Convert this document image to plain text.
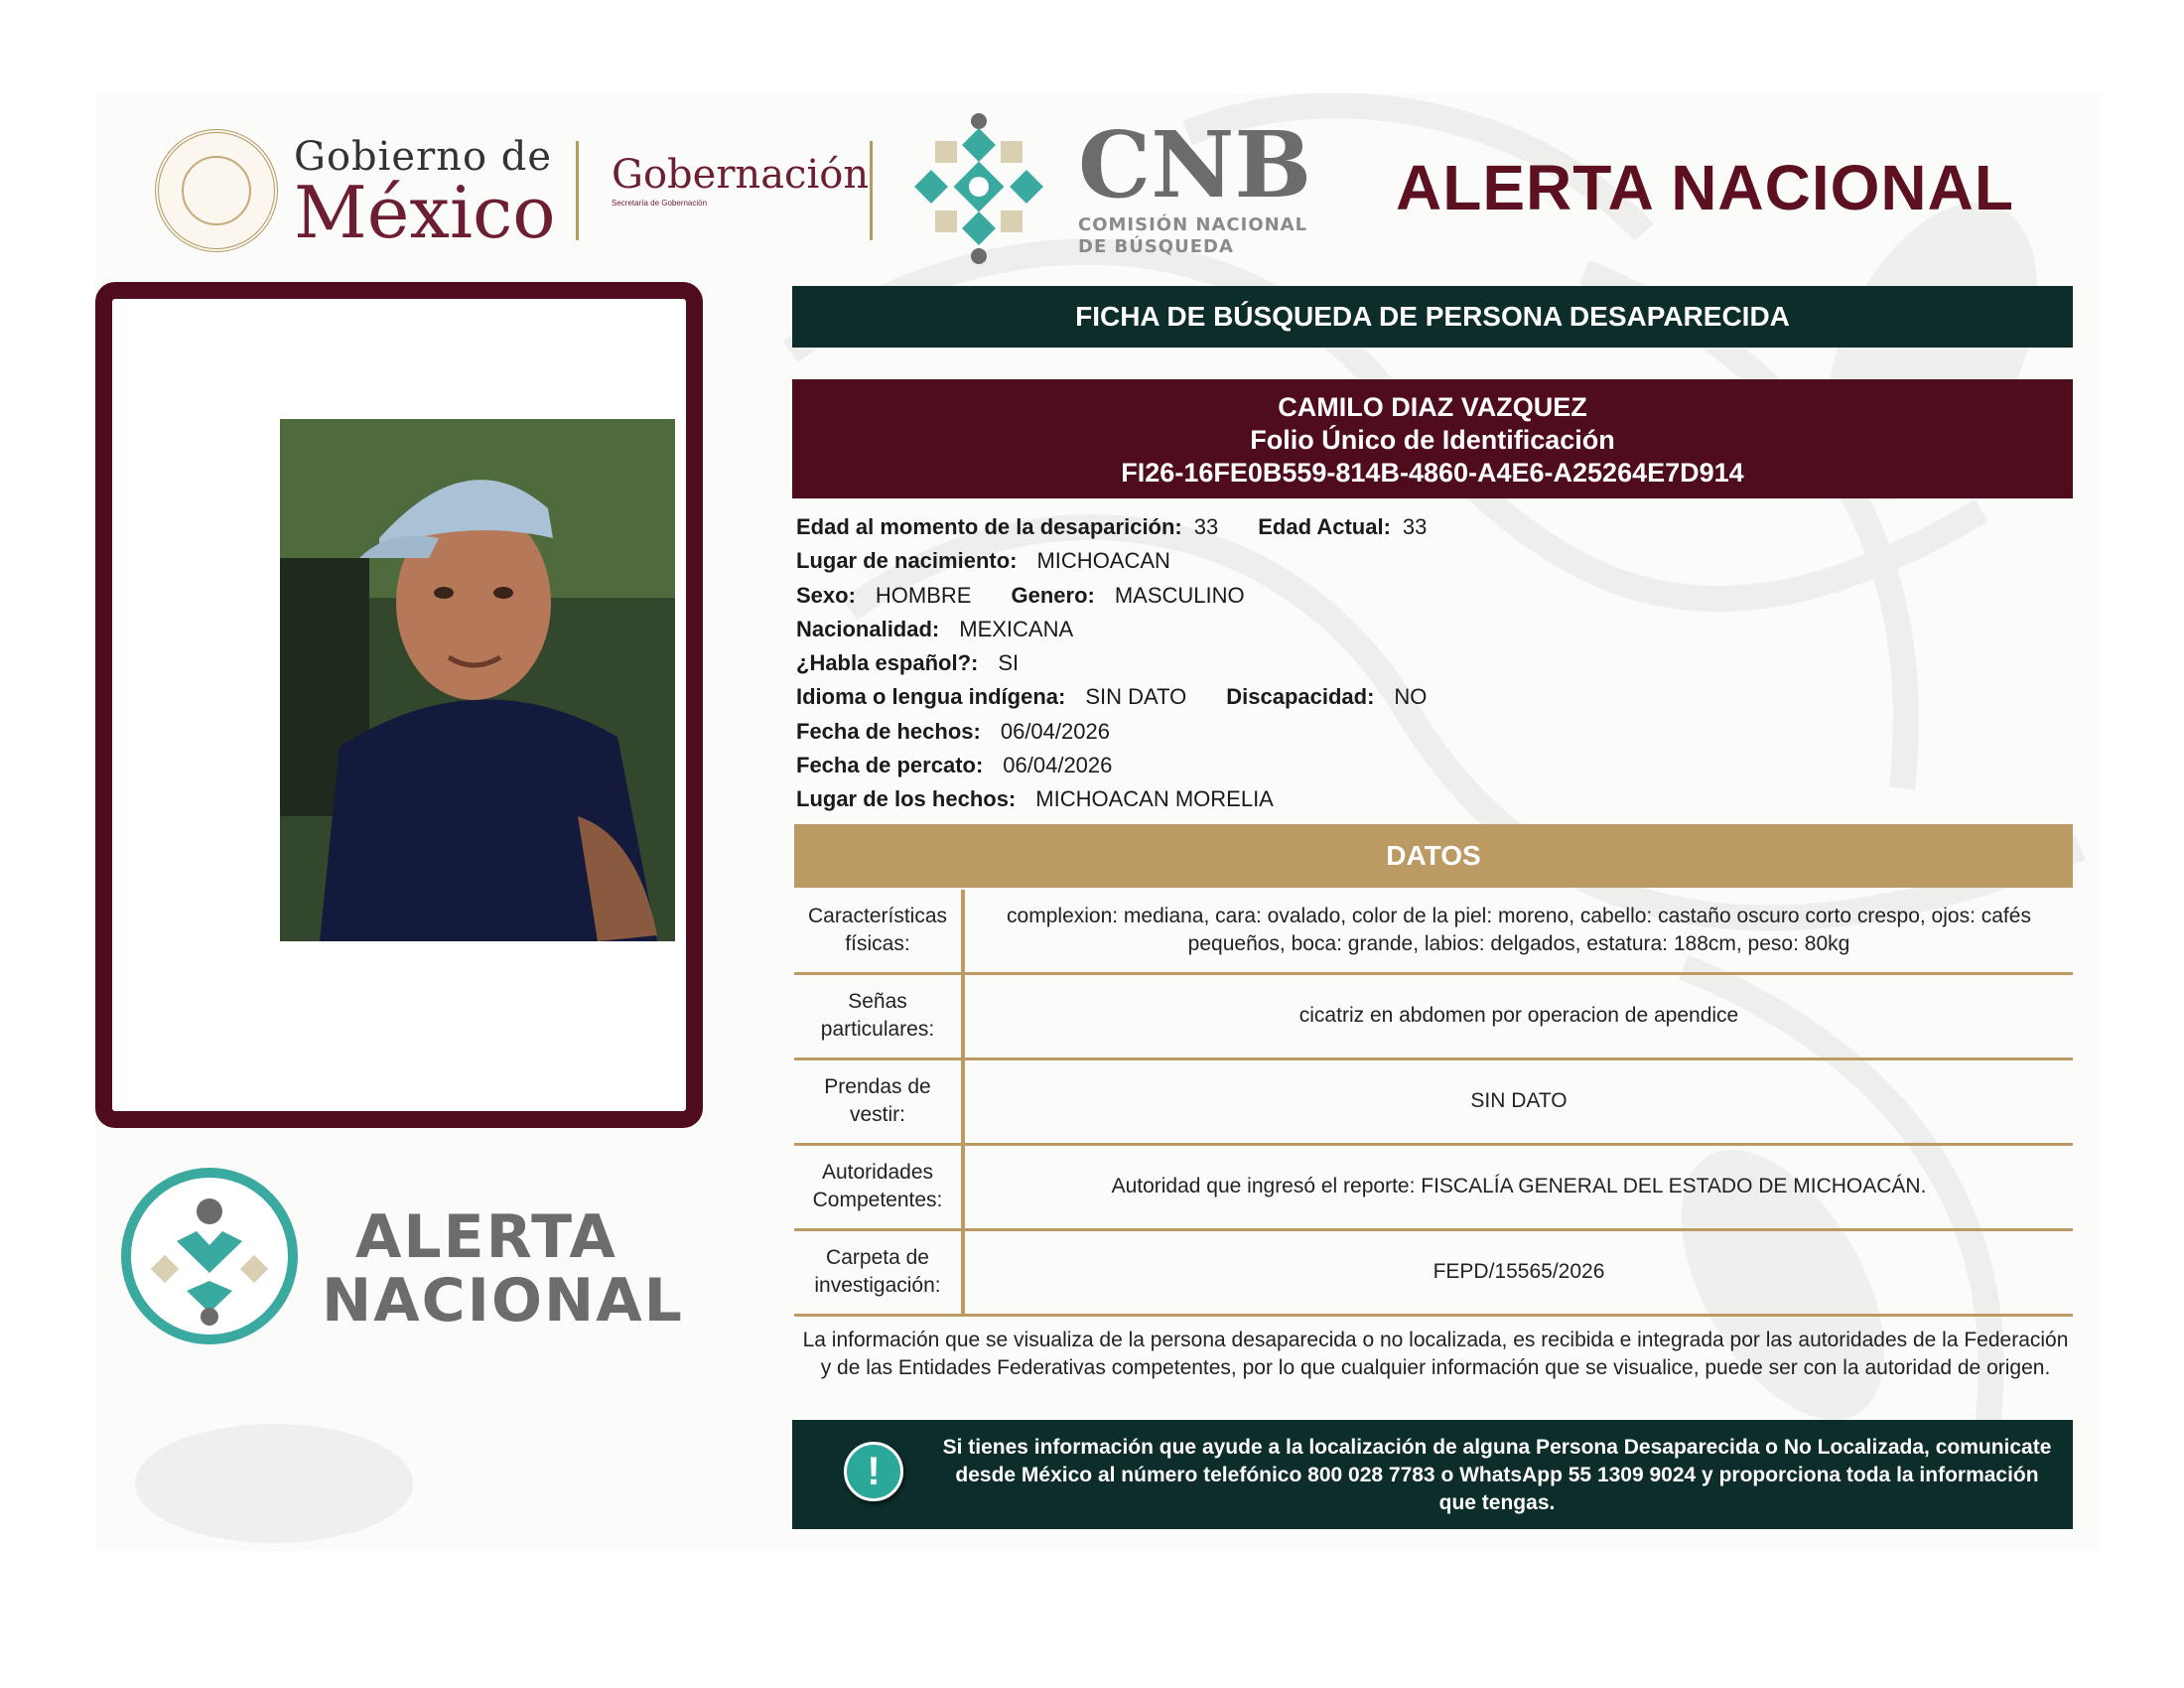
Gobierno de
México Gobernación
Secretaría de Gobernación	CNB
COMISIÓN NACIONAL
DE BÚSQUEDA
ALERTA NACIONAL
ALERTA
NACIONAL
FICHA DE BÚSQUEDA DE PERSONA DESAPARECIDA
CAMILO DIAZ VAZQUEZ
Folio Único de Identificación
FI26-16FE0B559-814B-4860-A4E6-A25264E7D914
Edad al momento de la desaparición: 33 Edad Actual: 33
Lugar de nacimiento: MICHOACAN
Sexo: HOMBRE Genero: MASCULINO
Nacionalidad: MEXICANA
¿Habla español?: SI
Idioma o lengua indígena: SIN DATO Discapacidad: NO
Fecha de hechos: 06/04/2026
Fecha de percato: 06/04/2026
Lugar de los hechos: MICHOACAN MORELIA
DATOS
Características físicas:	complexion: mediana, cara: ovalado, color de la piel: moreno, cabello: castaño oscuro corto crespo, ojos: cafés pequeños, boca: grande, labios: delgados, estatura: 188cm, peso: 80kg
Señas particulares:	cicatriz en abdomen por operacion de apendice
Prendas de vestir:	SIN DATO
Autoridades Competentes:	Autoridad que ingresó el reporte: FISCALÍA GENERAL DEL ESTADO DE MICHOACÁN.
Carpeta de investigación:	FEPD/15565/2026
La información que se visualiza de la persona desaparecida o no localizada, es recibida e integrada por las autoridades de la Federación y de las Entidades Federativas competentes, por lo que cualquier información que se visualice, puede ser con la autoridad de origen.
!
Si tienes información que ayude a la localización de alguna Persona Desaparecida o No Localizada, comunicate desde México al número telefónico 800 028 7783 o WhatsApp 55 1309 9024 y proporciona toda la información que tengas.
